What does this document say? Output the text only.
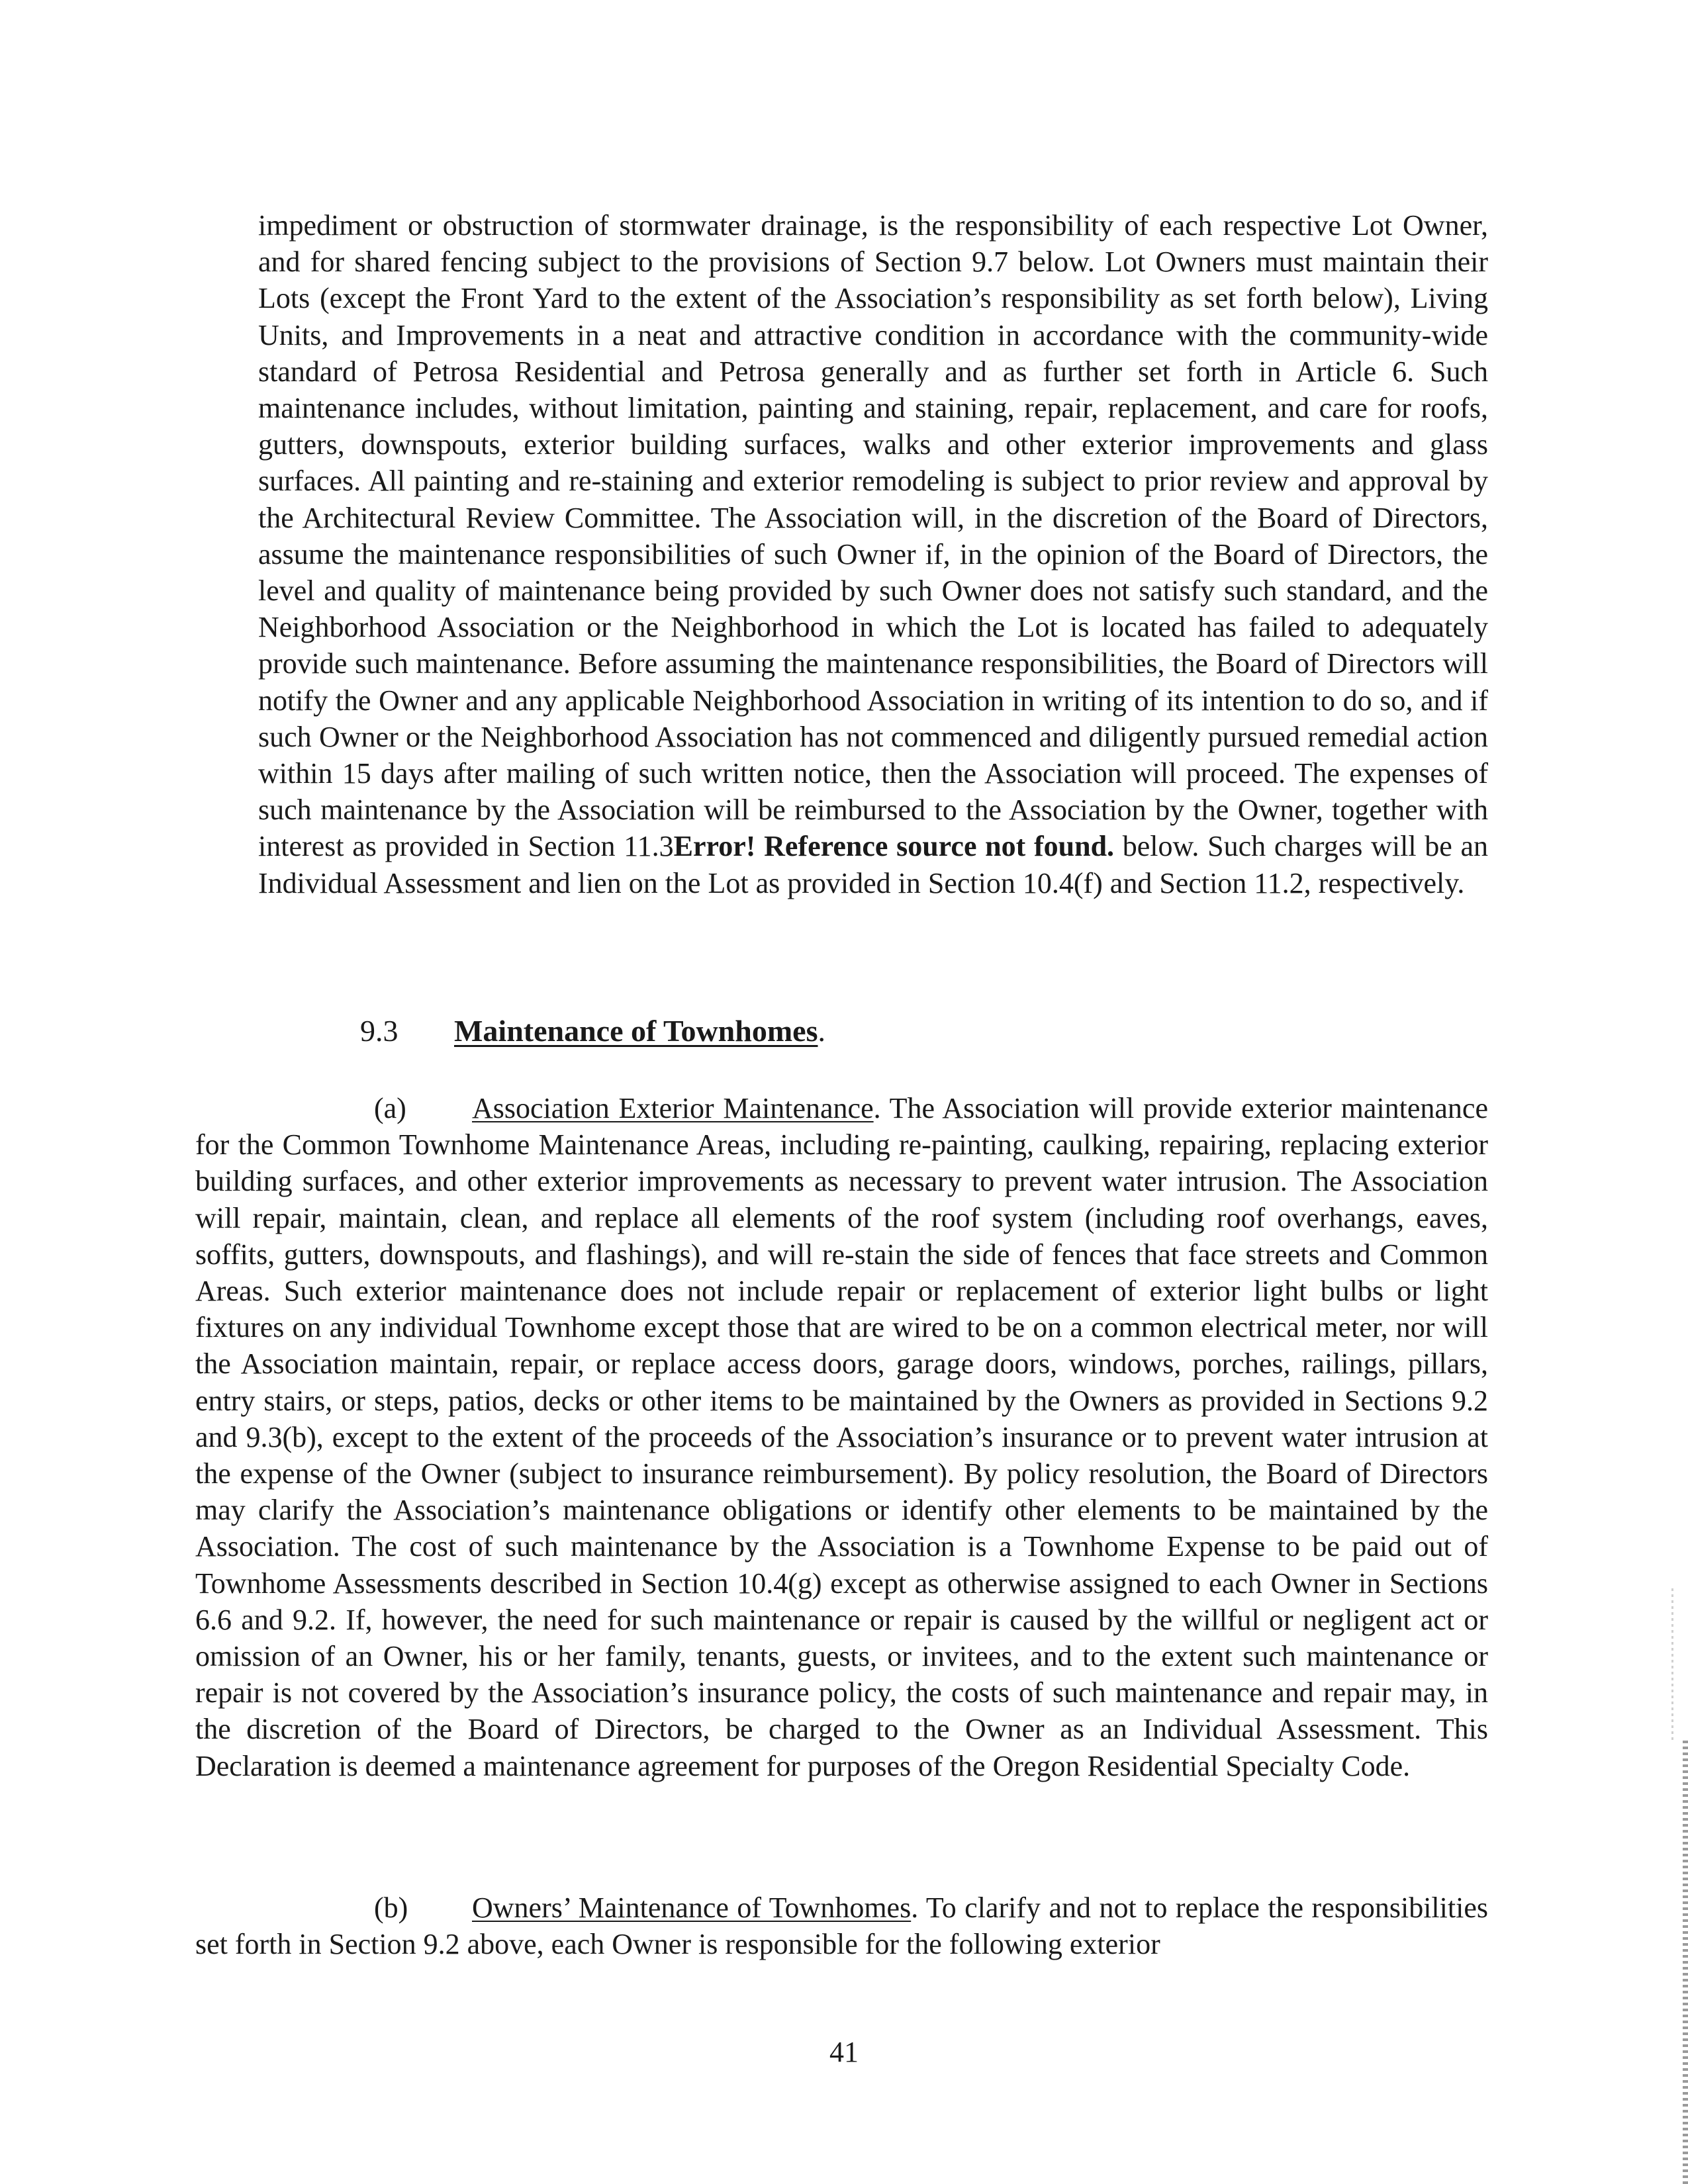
impediment or obstruction of stormwater drainage, is the responsibility of each respective Lot Owner, and for shared fencing subject to the provisions of Section 9.7 below. Lot Owners must maintain their Lots (except the Front Yard to the extent of the Association’s responsibility as set forth below), Living Units, and Improvements in a neat and attractive condition in accordance with the community-wide standard of Petrosa Residential and Petrosa generally and as further set forth in Article 6. Such maintenance includes, without limitation, painting and staining, repair, replacement, and care for roofs, gutters, downspouts, exterior building surfaces, walks and other exterior improvements and glass surfaces. All painting and re-staining and exterior remodeling is subject to prior review and approval by the Architectural Review Committee. The Association will, in the discretion of the Board of Directors, assume the maintenance responsibilities of such Owner if, in the opinion of the Board of Directors, the level and quality of maintenance being provided by such Owner does not satisfy such standard, and the Neighborhood Association or the Neighborhood in which the Lot is located has failed to adequately provide such maintenance. Before assuming the maintenance responsibilities, the Board of Directors will notify the Owner and any applicable Neighborhood Association in writing of its intention to do so, and if such Owner or the Neighborhood Association has not commenced and diligently pursued remedial action within 15 days after mailing of such written notice, then the Association will proceed. The expenses of such maintenance by the Association will be reimbursed to the Association by the Owner, together with interest as provided in Section 11.3Error! Reference source not found. below. Such charges will be an Individual Assessment and lien on the Lot as provided in Section 10.4(f) and Section 11.2, respectively.

9.3 Maintenance of Townhomes.

(a) Association Exterior Maintenance. The Association will provide exterior maintenance for the Common Townhome Maintenance Areas, including re-painting, caulking, repairing, replacing exterior building surfaces, and other exterior improvements as necessary to prevent water intrusion. The Association will repair, maintain, clean, and replace all elements of the roof system (including roof overhangs, eaves, soffits, gutters, downspouts, and flashings), and will re-stain the side of fences that face streets and Common Areas. Such exterior maintenance does not include repair or replacement of exterior light bulbs or light fixtures on any individual Townhome except those that are wired to be on a common electrical meter, nor will the Association maintain, repair, or replace access doors, garage doors, windows, porches, railings, pillars, entry stairs, or steps, patios, decks or other items to be maintained by the Owners as provided in Sections 9.2 and 9.3(b), except to the extent of the proceeds of the Association’s insurance or to prevent water intrusion at the expense of the Owner (subject to insurance reimbursement). By policy resolution, the Board of Directors may clarify the Association’s maintenance obligations or identify other elements to be maintained by the Association. The cost of such maintenance by the Association is a Townhome Expense to be paid out of Townhome Assessments described in Section 10.4(g) except as otherwise assigned to each Owner in Sections 6.6 and 9.2. If, however, the need for such maintenance or repair is caused by the willful or negligent act or omission of an Owner, his or her family, tenants, guests, or invitees, and to the extent such maintenance or repair is not covered by the Association’s insurance policy, the costs of such maintenance and repair may, in the discretion of the Board of Directors, be charged to the Owner as an Individual Assessment. This Declaration is deemed a maintenance agreement for purposes of the Oregon Residential Specialty Code.

(b) Owners’ Maintenance of Townhomes. To clarify and not to replace the responsibilities set forth in Section 9.2 above, each Owner is responsible for the following exterior

41
